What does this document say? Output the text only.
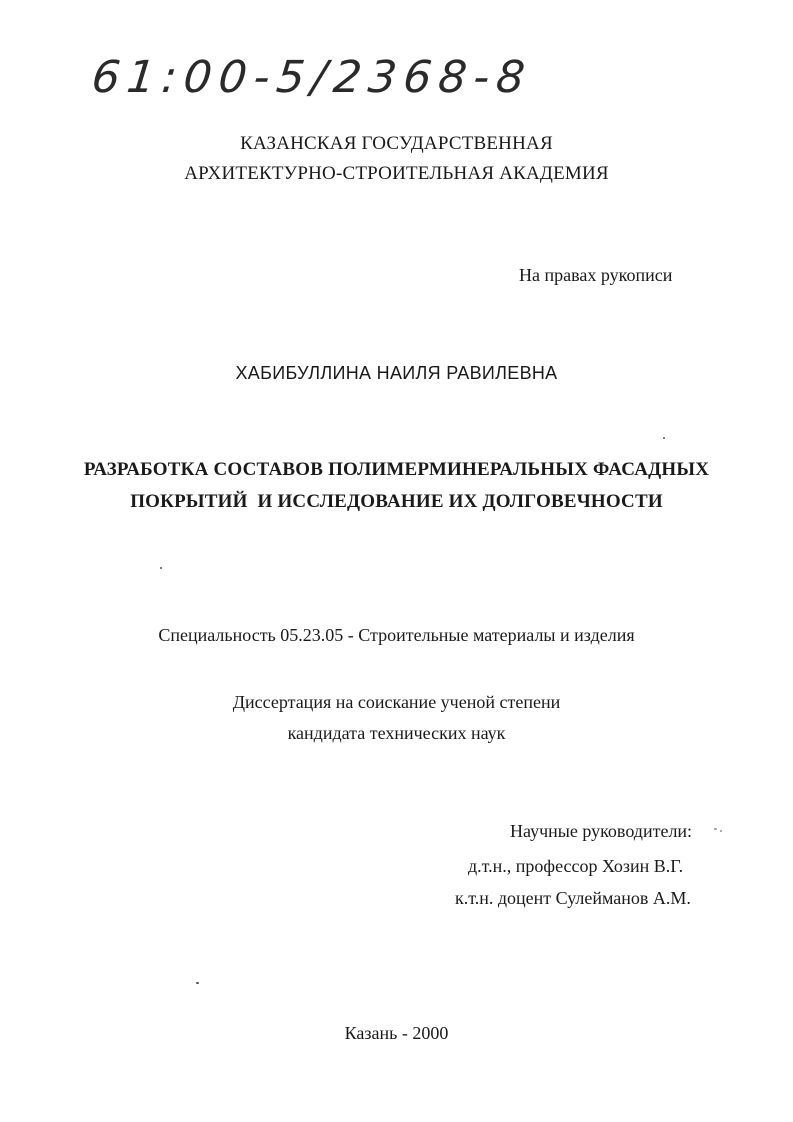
61:00-5/2368-8
КАЗАНСКАЯ ГОСУДАРСТВЕННАЯ
АРХИТЕКТУРНО-СТРОИТЕЛЬНАЯ АКАДЕМИЯ
На правах рукописи
ХАБИБУЛЛИНА НАИЛЯ РАВИЛЕВНА
РАЗРАБОТКА СОСТАВОВ ПОЛИМЕРМИНЕРАЛЬНЫХ ФАСАДНЫХ
ПОКРЫТИЙ  И ИССЛЕДОВАНИЕ ИХ ДОЛГОВЕЧНОСТИ
Специальность 05.23.05 - Строительные материалы и изделия
Диссертация на соискание ученой степени
кандидата технических наук
Научные руководители:
д.т.н., профессор Хозин В.Г.
к.т.н. доцент Сулейманов А.М.
Казань - 2000
